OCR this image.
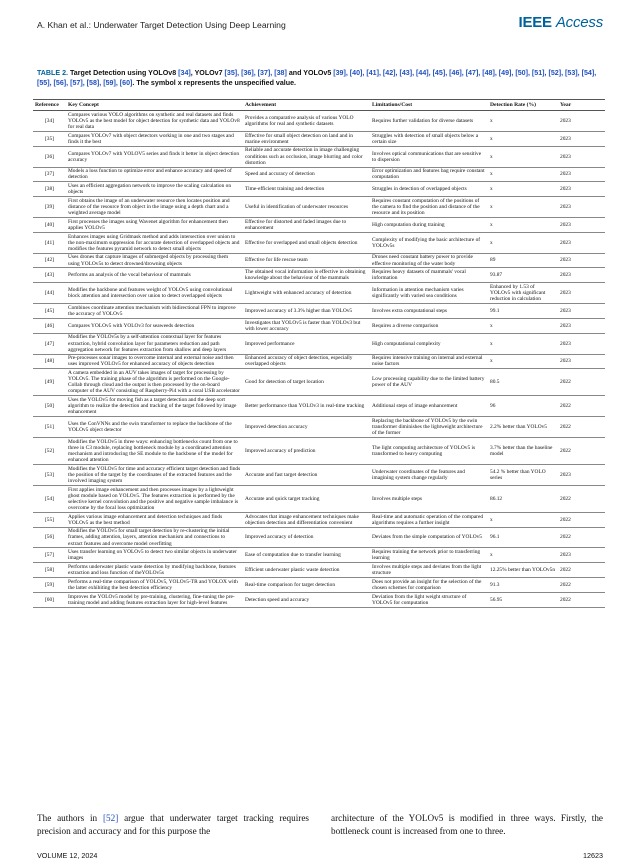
A. Khan et al.: Underwater Target Detection Using Deep Learning	IEEE Access
TABLE 2. Target Detection using YOLOv8 [34], YOLOv7 [35], [36], [37], [38] and YOLOv5 [39], [40], [41], [42], [43], [44], [45], [46], [47], [48], [49], [50], [51], [52], [53], [54], [55], [56], [57], [58], [59], [60]. The symbol x represents the unspecified value.
Reference	Key Concept	Achievement	Limitations/Cost	Detection Rate (%)	Year
[34]	Compares various YOLO algorithms on synthetic and real datasets and finds YOLOv5 as the best model for object detection for synthetic data and YOLOv8 for real data	Provides a comparative analysis of various YOLO algorithms for real and synthetic datasets	Requires further validation for diverse datasets	x	2023
[35]	Compares YOLOv7 with object detectors working in one and two stages and finds it the best	Effective for small object detection on land and in marine environment	Struggles with detection of small objects below a certain size	x	2023
[36]	Compares YOLOv7 with YOLOV5 series and finds it better in object detection accuracy	Reliable and accurate detection in image challenging conditions such as occlusion, image blurring and color distortion	Involves optical communications that are sensitive to dispersion	x	2023
[37]	Models a loss function to optimize error and enhance accuracy and speed of detection	Speed and accuracy of detection	Error optimization and features bag require constant computation	x	2023
[38]	Uses an efficient aggregation network to improve the scaling calculation on objects	Time-efficient training and detection	Struggles in detection of overlapped objects	x	2023
[39]	First obtains the image of an underwater resource then locates position and distance of the resource from object in the image using a depth chart and a weighted average model	Useful in identification of underwater resources	Requires constant computation of the positions of the camera to find the position and distance of the resource and its position	x	2023
[40]	First processes the images using Wavenet algorithm for enhancement then applies YOLOv5	Effective for distorted and faded images due to enhancement	High computation during training	x	2023
[41]	Enhances images using Gridmask method and adds intersection over union to the non-maximum suppression for accurate detection of overlapped objects and modifies the features pyramid network to detect small objects	Effective for overlapped and small objects detection	Complexity of modifying the basic architecture of YOLOv5s	x	2023
[42]	Uses drones that capture images of submerged objects by processing them using YOLOv5s to detect drowned/drowning objects	Effective for life rescue team	Drones need constant battery power to provide effective monitoring of the water body	89	2023
[43]	Performs an analysis of the vocal behaviour of mammals	The obtained vocal information is effective in obtaining knowledge about the behaviour of the mammals	Requires heavy datasets of mammals' vocal information	93.87	2023
[44]	Modifies the backbone and features weight of YOLOv5 using convolutional block attention and intersection over union to detect overlapped objects	Lightweight with enhanced accuracy of detection	Information in attention mechanism varies significantly with varied sea conditions	Enhanced by 1.53 of YOLOv5 with significant reduction in calculation	2023
[45]	Combines coordinate attention mechanism with bidirectional FPN to improve the accuracy of YOLOv5	Improved accuracy of 3.3% higher than YOLOv5	Involves extra computational steps	99.1	2023
[46]	Compares YOLOv5 with YOLOv3 for seaweeds detection	Investigates that YOLOv5 is faster than YOLOv3 but with lower accuracy	Requires a diverse comparison	x	2023
[47]	Modifies the YOLOv5s by a self-attention contextual layer for features extraction, hybrid convolution layer for parameters reduction and path aggregation network for features extraction from shallow and deep layers	Improved performance	High computational complexity	x	2023
[48]	Pre-processes sonar images to overcome internal and external noise and then uses improved YOLOv5 for enhanced accuracy of objects detection	Enhanced accuracy of object detection, especially overlapped objects	Requires intensive training on internal and external noise factors	x	2023
[49]	A camera embedded in an AUV takes images of target for processing by YOLOv5. The training phase of the algorithm is performed on the Google-Collab through cloud and the output is then processed by the on-board computer of the AUV consisting of Raspberry-Pi4 with a coral USB accelerator	Good for detection of target location	Low processing capability due to the limited battery power of the AUV	80.5	2022
[50]	Uses the YOLOv5 for moving fish as a target detection and the deep sort algorithm to realize the detection and tracking of the target followed by image enhancement	Better performance than YOLOv3 in real-time tracking	Additional steps of image enhancement	96	2022
[51]	Uses the ConVNNs and the swin transformer to replace the backbone of the YOLOv5 object detector	Improved detection accuracy	Replacing the backbone of YOLOv5 by the swin transformer diminishes the lightweight architecture of the former	2.2% better than YOLOv5	2022
[52]	Modifies the YOLOv5 in three ways: enhancing bottlenecks count from one to three in C3 module, replacing bottleneck module by a coordinated attention mechanism and introducing the SE module to the backbone of the model for enhanced attention	Improved accuracy of prediction	The light computing architecture of YOLOv5 is transformed to heavy computing	3.7% better than the baseline model	2022
[53]	Modifies the YOLOv5 for time and accuracy efficient target detection and finds the position of the target by the coordinates of the extracted features and the involved imaging system	Accurate and fast target detection	Underwater coordinates of the features and imagining system change regularly	54.2 % better than YOLO series	2023
[54]	First applies image enhancement and then processes images by a lightweight ghost module based on YOLOv5. The features extraction is performed by the selective kernel convolution and the positive and negative sample imbalance is overcome by the focal loss optimization	Accurate and quick target tracking	Involves multiple steps	86.12	2022
[55]	Applies various image enhancement and detection techniques and finds YOLOv5 as the best method	Advocates that image enhancement techniques make objection detection and differentiation convenient	Real-time and automatic operation of the compared algorithms requires a further insight	x	2022
[56]	Modifies the YOLOv5 for small target detection by re-clustering the initial frames, adding attention, layers, attention mechanism and connections to extract features and overcome model overfitting	Improved accuracy of detection	Deviates from the simple computation of YOLOv5	96.1	2022
[57]	Uses transfer learning on YOLOv5 to detect two similar objects in underwater images	Ease of computation due to transfer learning	Requires training the network prior to transferring learning	x	2023
[58]	Performs underwater plastic waste detection by modifying backbone, features extraction and loss function of theYOLOv5s	Efficient underwater plastic waste detection	Involves multiple steps and deviates from the light structure	12.25% better than YOLOv5n	2022
[59]	Performs a real-time comparison of YOLOv5, YOLOv5-TR and YOLOX with the latter exhibiting the best detection efficiency	Real-time comparison for target detection	Does not provide an insight for the selection of the chosen schemes for comparison	91.3	2022
[60]	Improves the YOLOv5 model by pre-training, clustering, fine-tuning the pre-training model and adding features extraction layer for high-level features	Detection speed and accuracy	Deviation from the light weight structure of YOLOv5 for computation	56.95	2022
The authors in [52] argue that underwater target tracking requires precision and accuracy and for this purpose the
architecture of the YOLOv5 is modified in three ways. Firstly, the bottleneck count is increased from one to three.
VOLUME 12, 2024	12623
